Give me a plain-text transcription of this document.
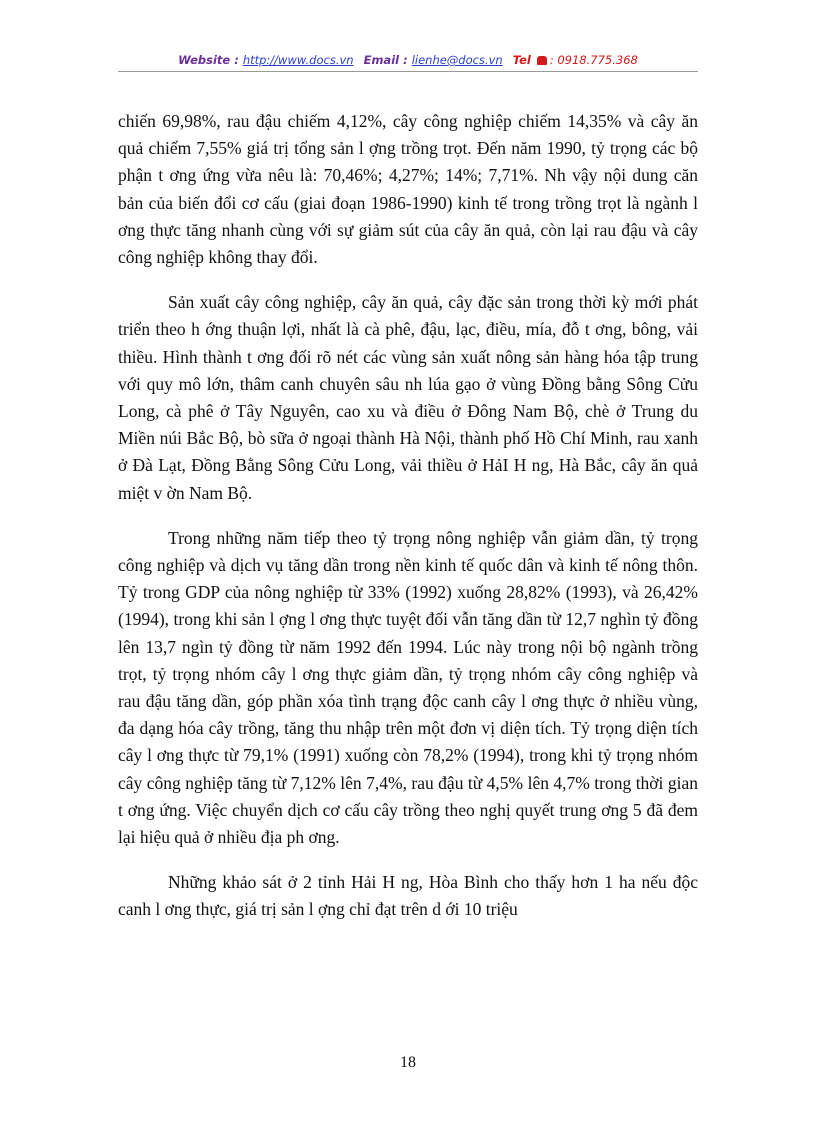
Website : http://www.docs.vn Email : lienhe@docs.vn Tel : 0918.775.368

chiến 69,98%, rau đậu chiếm 4,12%, cây công nghiệp chiếm 14,35% và cây ăn quả chiếm 7,55% giá trị tổng sản l ợng trồng trọt. Đến năm 1990, tỷ trọng các bộ phận t ơng ứng vừa nêu là: 70,46%; 4,27%; 14%; 7,71%. Nh vậy nội dung căn bản của biến đổi cơ cấu (giai đoạn 1986-1990) kinh tế trong trồng trọt là ngành l ơng thực tăng nhanh cùng với sự giảm sút của cây ăn quả, còn lại rau đậu và cây công nghiệp không thay đổi.

Sản xuất cây công nghiệp, cây ăn quả, cây đặc sản trong thời kỳ mới phát triển theo h ớng thuận lợi, nhất là cà phê, đậu, lạc, điều, mía, đỗ t ơng, bông, vải thiều. Hình thành t ơng đối rõ nét các vùng sản xuất nông sản hàng hóa tập trung với quy mô lớn, thâm canh chuyên sâu nh lúa gạo ở vùng Đồng bằng Sông Cửu Long, cà phê ở Tây Nguyên, cao xu và điều ở Đông Nam Bộ, chè ở Trung du Miền núi Bắc Bộ, bò sữa ở ngoại thành Hà Nội, thành phố Hồ Chí Minh, rau xanh ở Đà Lạt, Đồng Bằng Sông Cửu Long, vải thiều ở HảI H ng, Hà Bắc, cây ăn quả miệt v ờn Nam Bộ.

Trong những năm tiếp theo tỷ trọng nông nghiệp vẫn giảm dần, tỷ trọng công nghiệp và dịch vụ tăng dần trong nền kinh tế quốc dân và kinh tế nông thôn. Tỷ trong GDP của nông nghiệp từ 33% (1992) xuống 28,82% (1993), và 26,42% (1994), trong khi sản l ợng l ơng thực tuyệt đối vẫn tăng dần từ 12,7 nghìn tỷ đồng lên 13,7 ngìn tỷ đồng từ năm 1992 đến 1994. Lúc này trong nội bộ ngành trồng trọt, tỷ trọng nhóm cây l ơng thực giảm dần, tỷ trọng nhóm cây công nghiệp và rau đậu tăng dần, góp phần xóa tình trạng độc canh cây l ơng thực ở nhiều vùng, đa dạng hóa cây trồng, tăng thu nhập trên một đơn vị diện tích. Tỷ trọng diện tích cây l ơng thực từ 79,1% (1991) xuống còn 78,2% (1994), trong khi tỷ trọng nhóm cây công nghiệp tăng từ 7,12% lên 7,4%, rau đậu từ 4,5% lên 4,7% trong thời gian t ơng ứng. Việc chuyển dịch cơ cấu cây trồng theo nghị quyết trung ơng 5 đã đem lại hiệu quả ở nhiều địa ph ơng.

Những khảo sát ở 2 tỉnh Hải H ng, Hòa Bình cho thấy hơn 1 ha nếu độc canh l ơng thực, giá trị sản l ợng chỉ đạt trên d ới 10 triệu

18
